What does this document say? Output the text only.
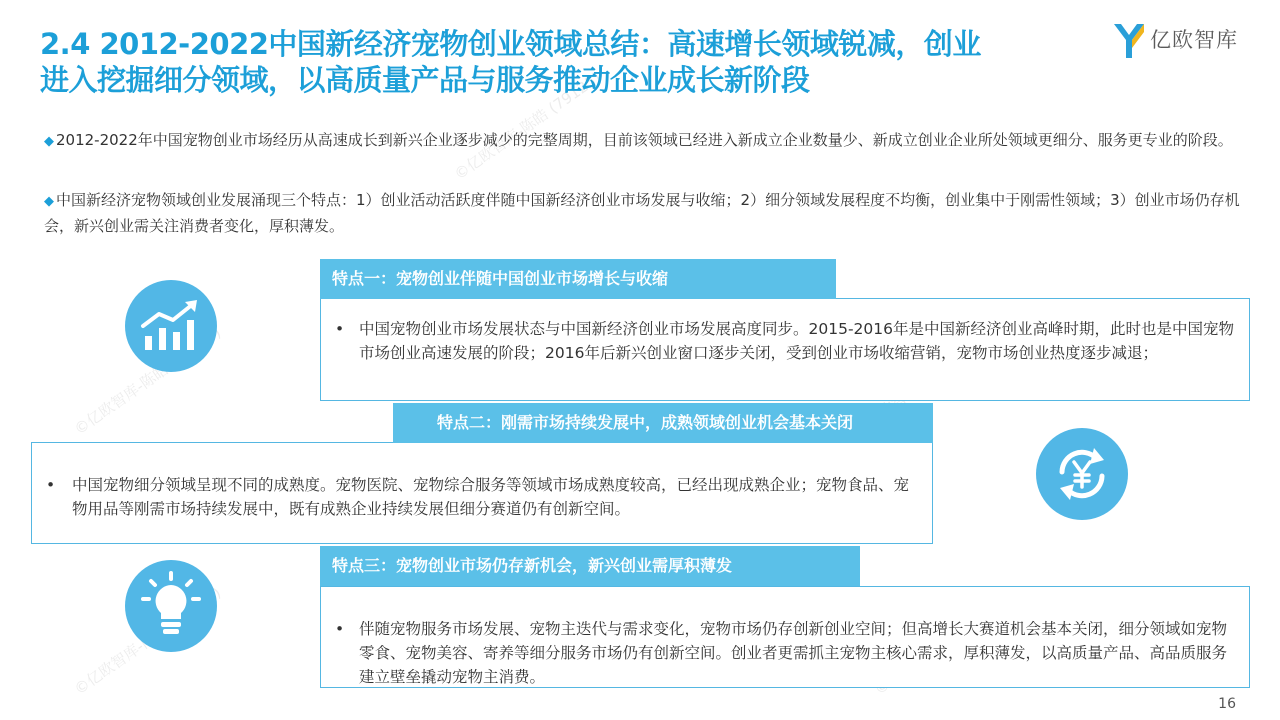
©亿欧智库-陈皓 (79125)
©亿欧智库-陈皓 (79125)
©亿欧智库-陈皓
2.4 2012-2022中国新经济宠物创业领域总结：高速增长领域锐减，创业
进入挖掘细分领域，以高质量产品与服务推动企业成长新阶段
亿欧智库
◆ 2012-2022年中国宠物创业市场经历从高速成长到新兴企业逐步减少的完整周期，目前该领域已经进入新成立企业数量少、新成立创业企业所处领域更细分、服务更专业的阶段。
◆ 中国新经济宠物领域创业发展涌现三个特点：1）创业活动活跃度伴随中国新经济创业市场发展与收缩；2）细分领域发展程度不均衡，创业集中于刚需性领域；3）创业市场仍存机会，新兴创业需关注消费者变化，厚积薄发。
• 中国宠物创业市场发展状态与中国新经济创业市场发展高度同步。2015-2016年是中国新经济创业高峰时期，此时也是中国宠物市场创业高速发展的阶段；2016年后新兴创业窗口逐步关闭，受到创业市场收缩营销，宠物市场创业热度逐步减退；
特点一：宠物创业伴随中国创业市场增长与收缩
• 中国宠物细分领域呈现不同的成熟度。宠物医院、宠物综合服务等领域市场成熟度较高，已经出现成熟企业；宠物食品、宠物用品等刚需市场持续发展中，既有成熟企业持续发展但细分赛道仍有创新空间。
特点二：刚需市场持续发展中，成熟领域创业机会基本关闭
• 伴随宠物服务市场发展、宠物主迭代与需求变化，宠物市场仍存创新创业空间；但高增长大赛道机会基本关闭，细分领域如宠物零食、宠物美容、寄养等细分服务市场仍有创新空间。创业者更需抓主宠物主核心需求，厚积薄发，以高质量产品、高品质服务建立壁垒撬动宠物主消费。
特点三：宠物创业市场仍存新机会，新兴创业需厚积薄发
16
